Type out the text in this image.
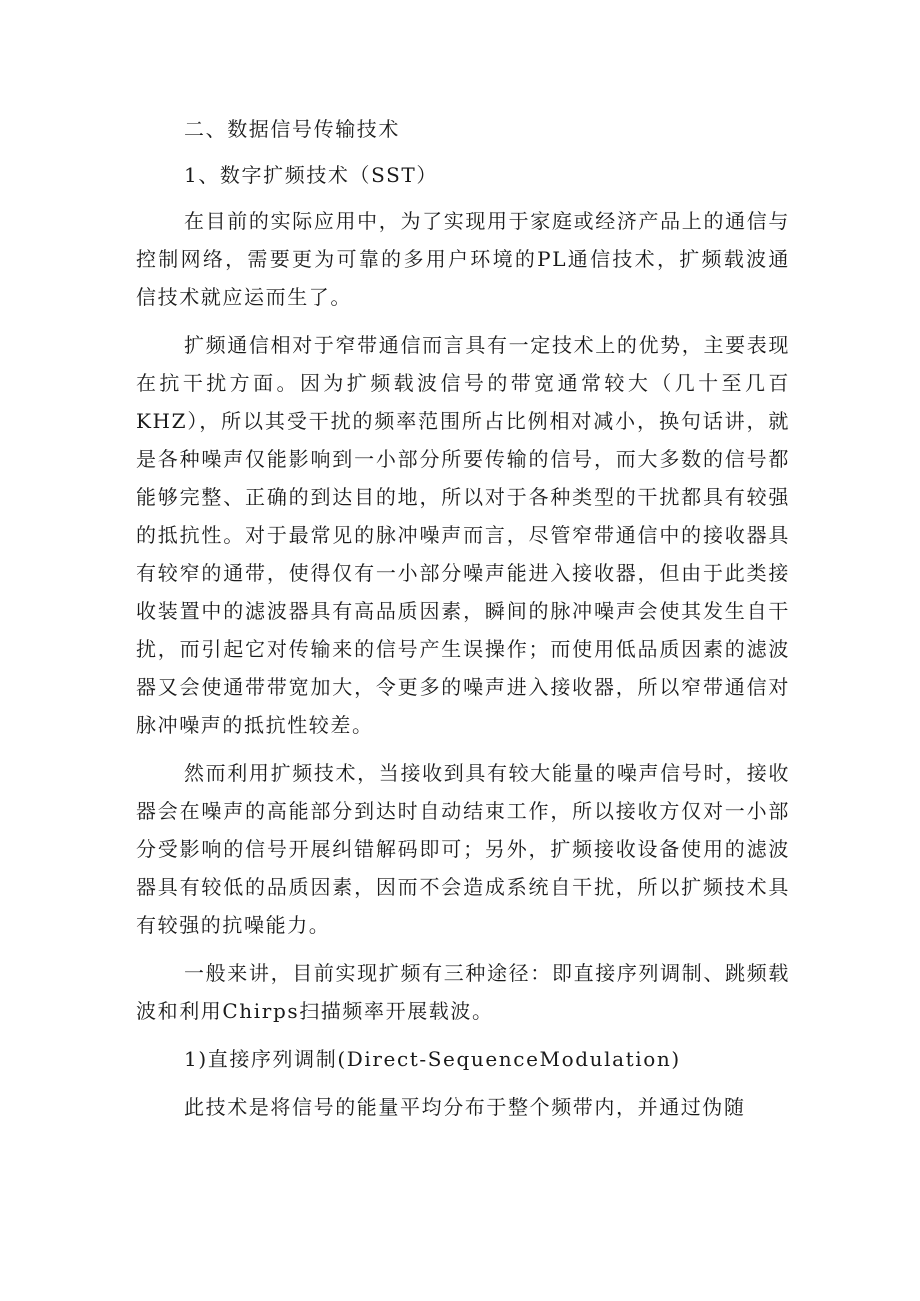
二、数据信号传输技术

1、数字扩频技术（SST）

在目前的实际应用中，为了实现用于家庭或经济产品上的通信与控制网络，需要更为可靠的多用户环境的PL通信技术，扩频载波通信技术就应运而生了。

扩频通信相对于窄带通信而言具有一定技术上的优势，主要表现在抗干扰方面。因为扩频载波信号的带宽通常较大（几十至几百KHZ），所以其受干扰的频率范围所占比例相对减小，换句话讲，就是各种噪声仅能影响到一小部分所要传输的信号，而大多数的信号都能够完整、正确的到达目的地，所以对于各种类型的干扰都具有较强的抵抗性。对于最常见的脉冲噪声而言，尽管窄带通信中的接收器具有较窄的通带，使得仅有一小部分噪声能进入接收器，但由于此类接收装置中的滤波器具有高品质因素，瞬间的脉冲噪声会使其发生自干扰，而引起它对传输来的信号产生误操作；而使用低品质因素的滤波器又会使通带带宽加大，令更多的噪声进入接收器，所以窄带通信对脉冲噪声的抵抗性较差。

然而利用扩频技术，当接收到具有较大能量的噪声信号时，接收器会在噪声的高能部分到达时自动结束工作，所以接收方仅对一小部分受影响的信号开展纠错解码即可；另外，扩频接收设备使用的滤波器具有较低的品质因素，因而不会造成系统自干扰，所以扩频技术具有较强的抗噪能力。

一般来讲，目前实现扩频有三种途径：即直接序列调制、跳频载波和利用Chirps扫描频率开展载波。

1)直接序列调制(Direct-SequenceModulation)

此技术是将信号的能量平均分布于整个频带内，并通过伪随
